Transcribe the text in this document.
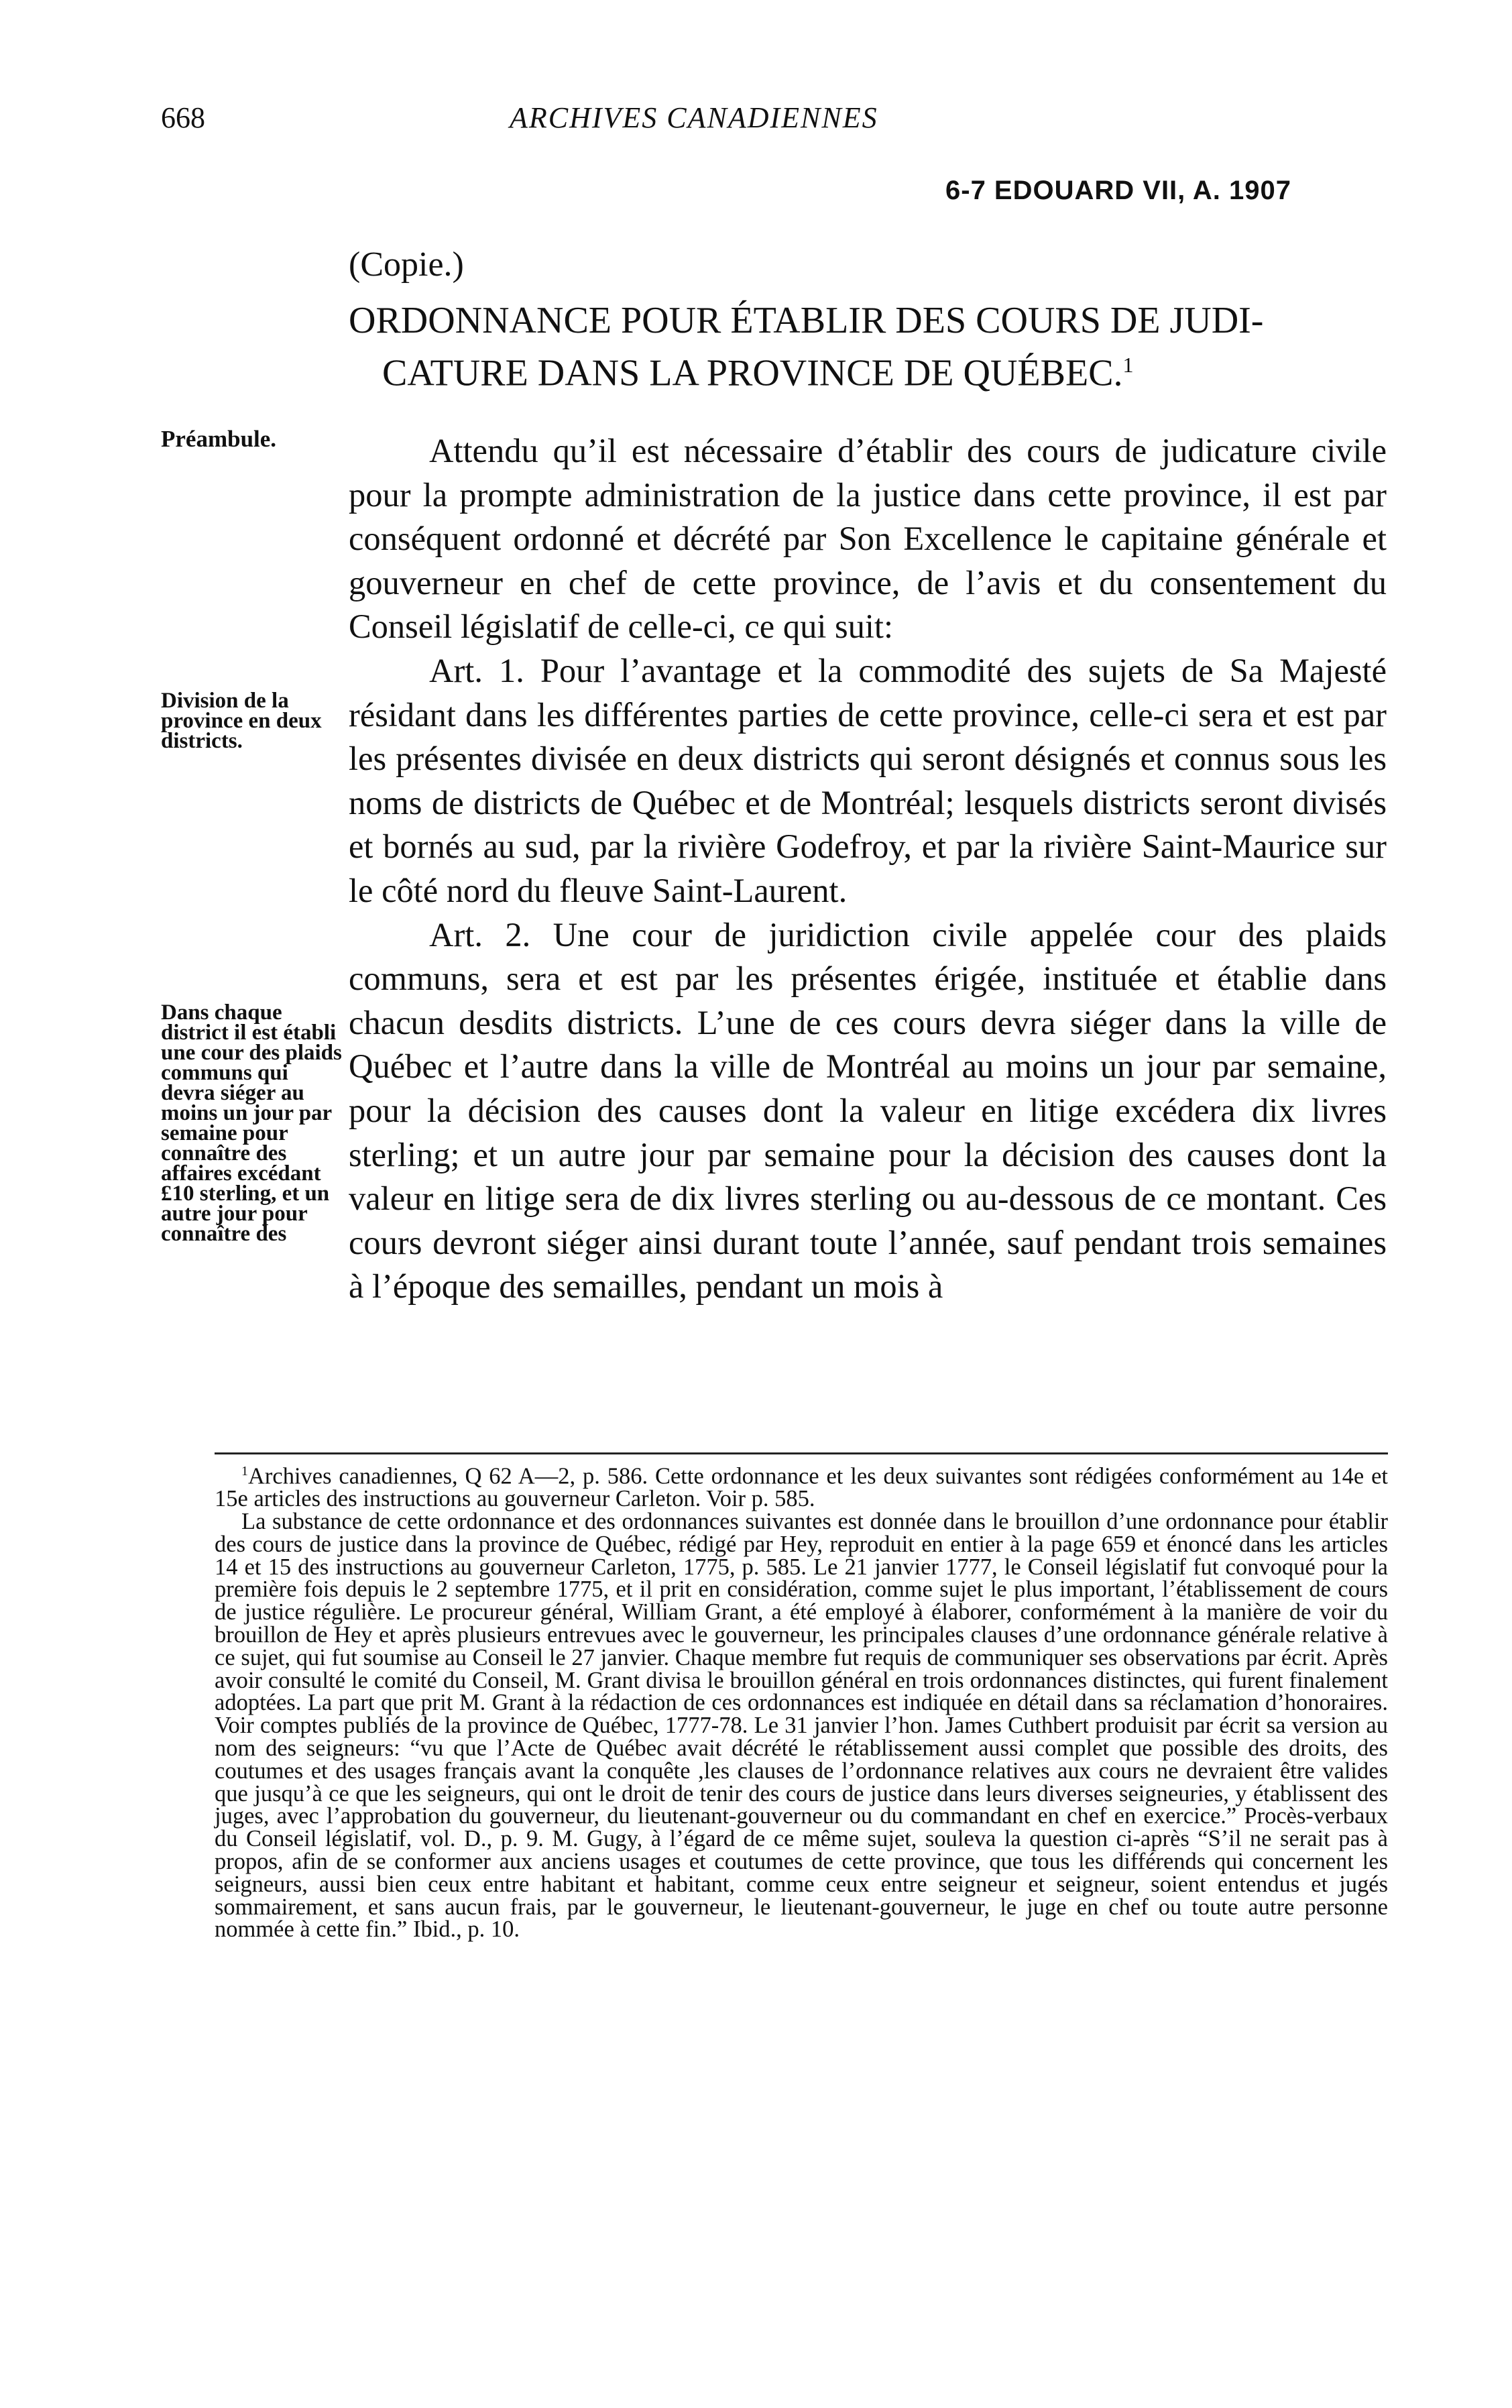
668	ARCHIVES CANADIENNES
6-7 EDOUARD VII, A. 1907
(Copie.)
ORDONNANCE POUR ÉTABLIR DES COURS DE JUDI-
CATURE DANS LA PROVINCE DE QUÉBEC.$^1$
Préambule.
Division de la province en deux districts.
Dans chaque district il est établi une cour des plaids communs qui devra siéger au moins un jour par semaine pour connaître des affaires excédant £10 sterling, et un autre jour pour connaître des

Attendu qu’il est nécessaire d’établir des cours de judicature civile pour la prompte administration de la justice dans cette province, il est par conséquent ordonné et décrété par Son Excellence le capitaine générale et gouverneur en chef de cette province, de l’avis et du consentement du Conseil législatif de celle-ci, ce qui suit:

Art. 1. Pour l’avantage et la commodité des sujets de Sa Majesté résidant dans les différentes parties de cette province, celle-ci sera et est par les présentes divisée en deux districts qui seront désignés et connus sous les noms de districts de Québec et de Montréal; lesquels districts seront divisés et bornés au sud, par la rivière Godefroy, et par la rivière Saint-Maurice sur le côté nord du fleuve Saint-Laurent.

Art. 2. Une cour de juridiction civile appelée cour des plaids communs, sera et est par les présentes érigée, instituée et établie dans chacun desdits districts. L’une de ces cours devra siéger dans la ville de Québec et l’autre dans la ville de Montréal au moins un jour par semaine, pour la décision des causes dont la valeur en litige excédera dix livres sterling; et un autre jour par semaine pour la décision des causes dont la valeur en litige sera de dix livres sterling ou au-dessous de ce montant. Ces cours devront siéger ainsi durant toute l’année, sauf pendant trois semaines à l’époque des semailles, pendant un mois à

$^1$Archives canadiennes, Q 62 A—2, p. 586. Cette ordonnance et les deux suivantes sont rédigées conformément au 14e et 15e articles des instructions au gouverneur Carleton. Voir p. 585.

La substance de cette ordonnance et des ordonnances suivantes est donnée dans le brouillon d’une ordonnance pour établir des cours de justice dans la province de Québec, rédigé par Hey, reproduit en entier à la page 659 et énoncé dans les articles 14 et 15 des instructions au gouverneur Carleton, 1775, p. 585. Le 21 janvier 1777, le Conseil législatif fut convoqué pour la première fois depuis le 2 septembre 1775, et il prit en considération, comme sujet le plus important, l’établissement de cours de justice régulière. Le procureur général, William Grant, a été employé à élaborer, conformément à la manière de voir du brouillon de Hey et après plusieurs entrevues avec le gouverneur, les principales clauses d’une ordonnance générale relative à ce sujet, qui fut soumise au Conseil le 27 janvier. Chaque membre fut requis de communiquer ses observations par écrit. Après avoir consulté le comité du Conseil, M. Grant divisa le brouillon général en trois ordonnances distinctes, qui furent finalement adoptées. La part que prit M. Grant à la rédaction de ces ordonnances est indiquée en détail dans sa réclamation d’honoraires. Voir comptes publiés de la province de Québec, 1777-78. Le 31 janvier l’hon. James Cuthbert produisit par écrit sa version au nom des seigneurs: “vu que l’Acte de Québec avait décrété le rétablissement aussi complet que possible des droits, des coutumes et des usages français avant la conquête ,les clauses de l’ordonnance relatives aux cours ne devraient être valides que jusqu’à ce que les seigneurs, qui ont le droit de tenir des cours de justice dans leurs diverses seigneuries, y établissent des juges, avec l’approbation du gouverneur, du lieutenant-gouverneur ou du commandant en chef en exercice.” Procès-verbaux du Conseil législatif, vol. D., p. 9. M. Gugy, à l’égard de ce même sujet, souleva la question ci-après “S’il ne serait pas à propos, afin de se conformer aux anciens usages et coutumes de cette province, que tous les différends qui concernent les seigneurs, aussi bien ceux entre habitant et habitant, comme ceux entre seigneur et seigneur, soient entendus et jugés sommairement, et sans aucun frais, par le gouverneur, le lieutenant-gouverneur, le juge en chef ou toute autre personne nommée à cette fin.” Ibid., p. 10.
